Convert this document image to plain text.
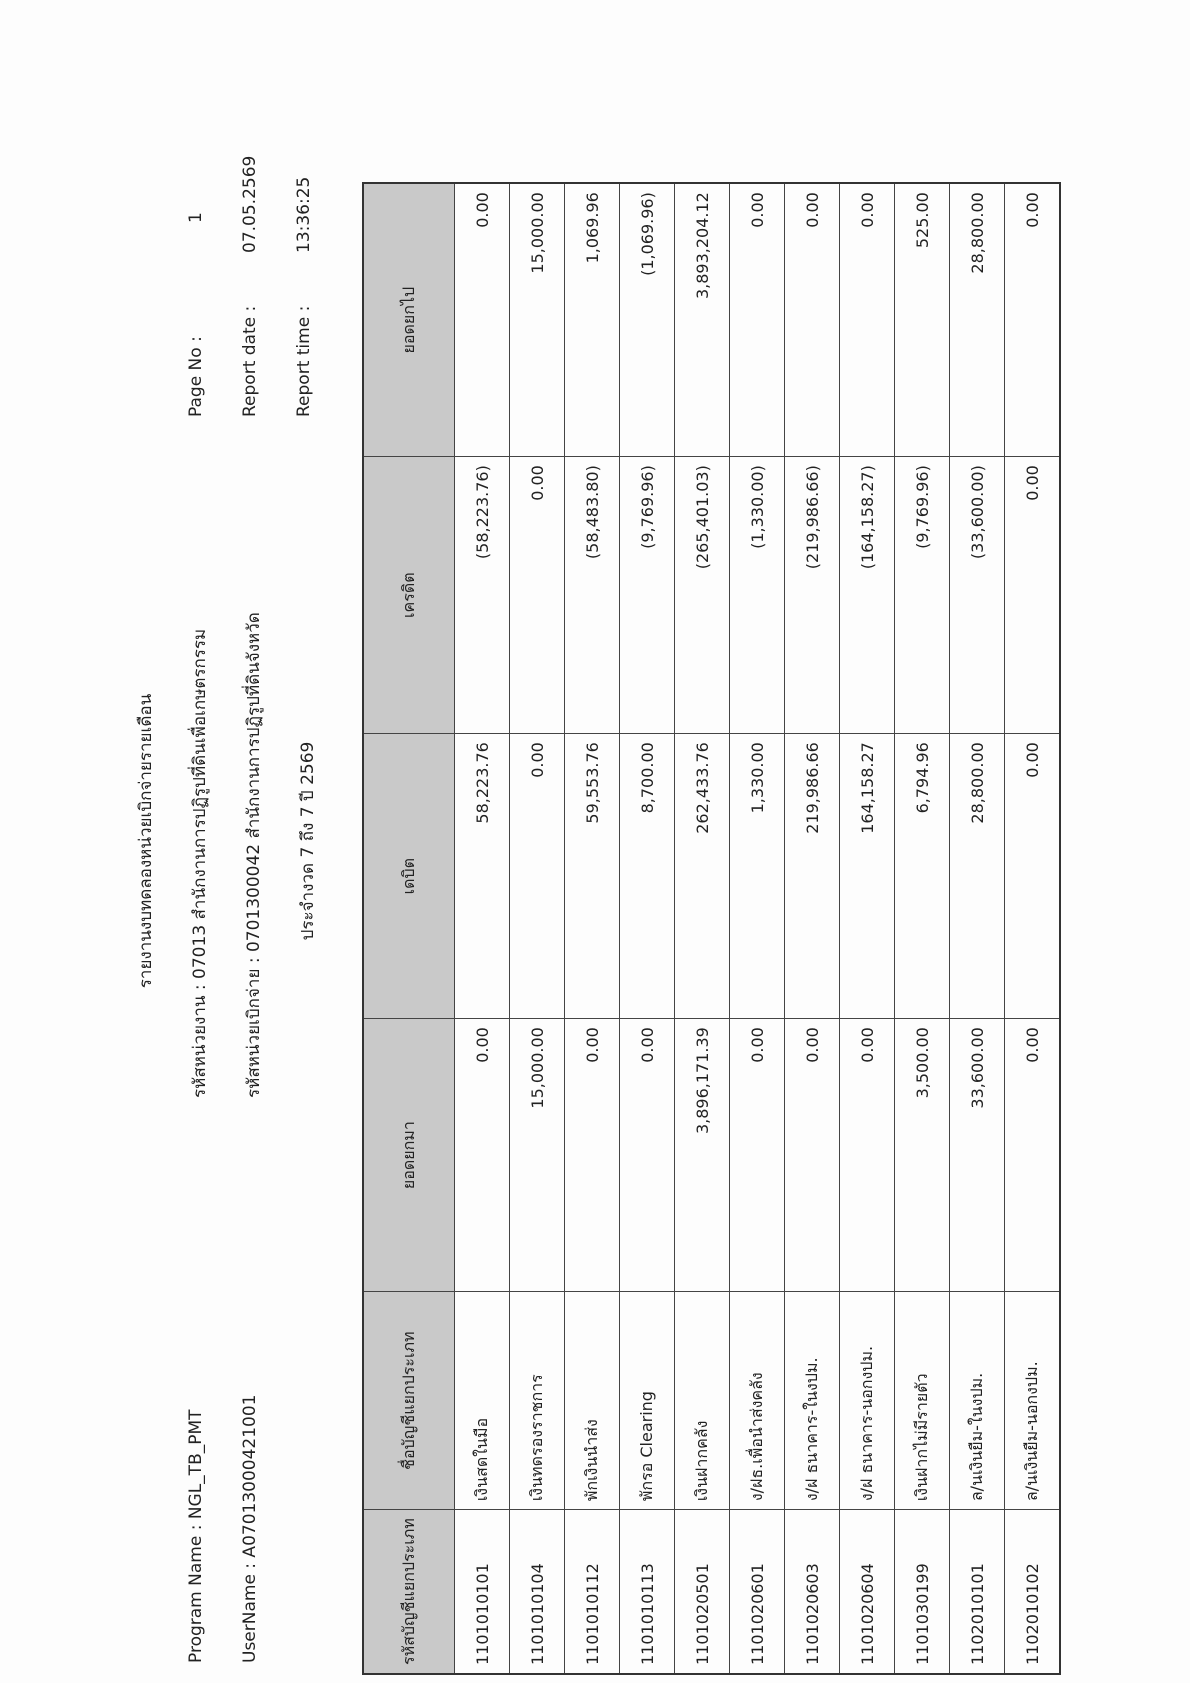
รายงานงบทดลองหน่วยเบิกจ่ายรายเดือน รหัสหน่วยงาน : 07013 สำนักงานการปฏิรูปที่ดินเพื่อเกษตรกรรม รหัสหน่วยเบิกจ่าย : 0701300042 สำนักงานการปฏิรูปที่ดินจังหวัด ประจำงวด 7 ถึง 7 ปี 2569
Program Name : NGL_TB_PMT UserName : A07013000421001
Page No :
1
Report date :
07.05.2569
Report time :
13:36:25
รหัสบัญชีแยกประเภท	ชื่อบัญชีแยกประเภท	ยอดยกมา	เดบิต	เครดิต	ยอดยกไป
1101010101	เงินสดในมือ	0.00	58,223.76	(58,223.76)	0.00
1101010104	เงินทดรองราชการ	15,000.00	0.00	0.00	15,000.00
1101010112	พักเงินนำส่ง	0.00	59,553.76	(58,483.80)	1,069.96
1101010113	พักรอ Clearing	0.00	8,700.00	(9,769.96)	(1,069.96)
1101020501	เงินฝากคลัง	3,896,171.39	262,433.76	(265,401.03)	3,893,204.12
1101020601	ง/ฝธ.เพื่อนำส่งคลัง	0.00	1,330.00	(1,330.00)	0.00
1101020603	ง/ฝ ธนาคาร-ในงปม.	0.00	219,986.66	(219,986.66)	0.00
1101020604	ง/ฝ ธนาคาร-นอกงปม.	0.00	164,158.27	(164,158.27)	0.00
1101030199	เงินฝากไม่มีรายตัว	3,500.00	6,794.96	(9,769.96)	525.00
1102010101	ล/นเงินยืม-ในงปม.	33,600.00	28,800.00	(33,600.00)	28,800.00
1102010102	ล/นเงินยืม-นอกงปม.	0.00	0.00	0.00	0.00
